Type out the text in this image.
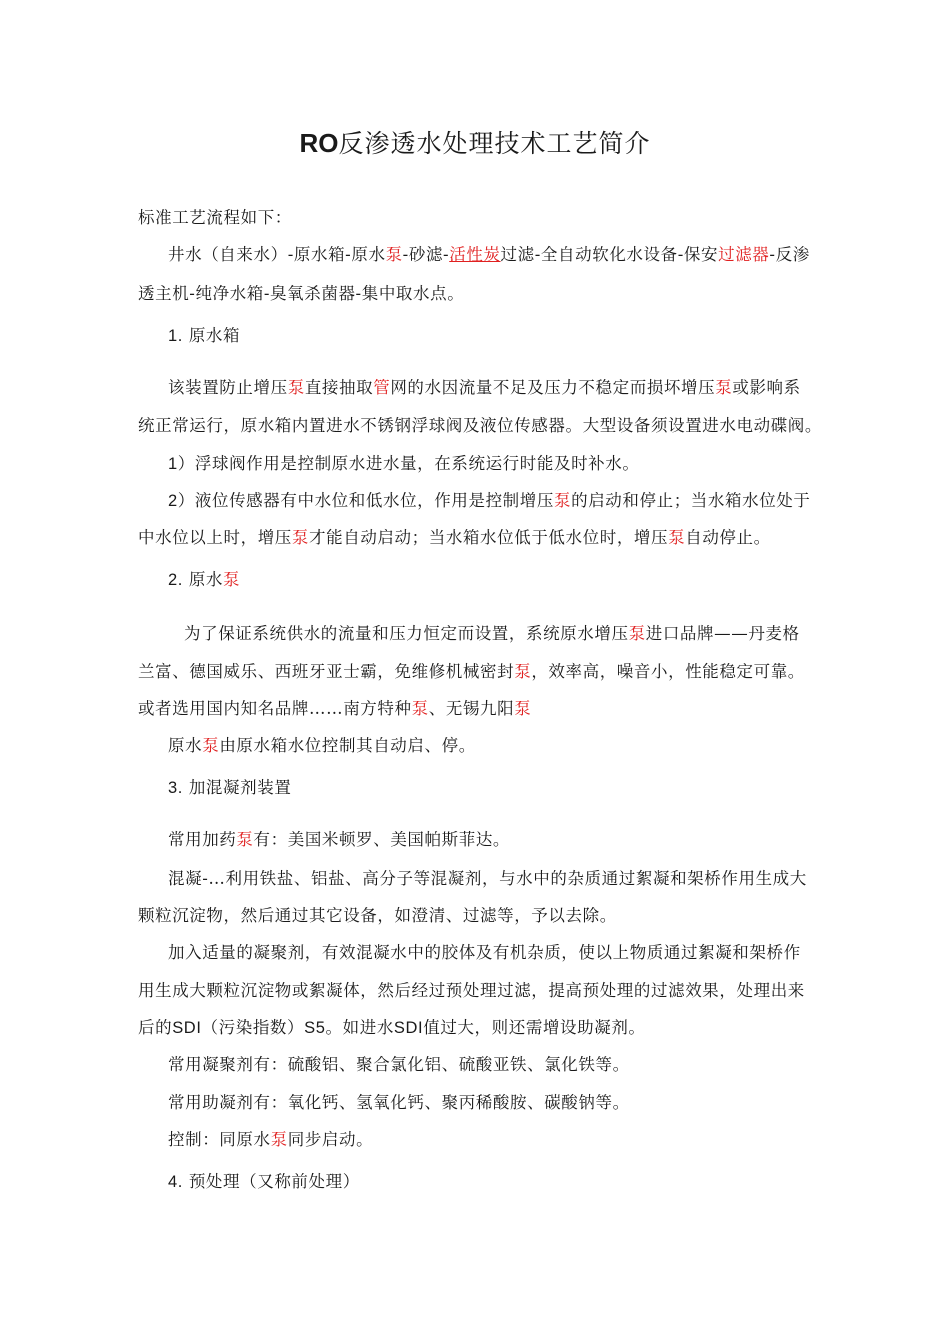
RO反渗透水处理技术工艺简介
标准工艺流程如下：
井水（自来水）-原水箱-原水泵-砂滤-活性炭过滤-全自动软化水设备-保安过滤器-反渗
透主机-纯净水箱-臭氧杀菌器-集中取水点。
1. 原水箱
该装置防止增压泵直接抽取管网的水因流量不足及压力不稳定而损坏增压泵或影响系
统正常运行，原水箱内置进水不锈钢浮球阀及液位传感器。大型设备须设置进水电动碟阀。
1）浮球阀作用是控制原水进水量，在系统运行时能及时补水。
2）液位传感器有中水位和低水位，作用是控制增压泵的启动和停止；当水箱水位处于
中水位以上时，增压泵才能自动启动；当水箱水位低于低水位时，增压泵自动停止。
2. 原水泵
为了保证系统供水的流量和压力恒定而设置，系统原水增压泵进口品牌——丹麦格
兰富、德国威乐、西班牙亚士霸，免维修机械密封泵，效率高，噪音小，性能稳定可靠。
或者选用国内知名品牌……南方特种泵、无锡九阳泵
原水泵由原水箱水位控制其自动启、停。
3. 加混凝剂装置
常用加药泵有：美国米顿罗、美国帕斯菲达。
混凝-…利用铁盐、铝盐、高分子等混凝剂，与水中的杂质通过絮凝和架桥作用生成大
颗粒沉淀物，然后通过其它设备，如澄清、过滤等，予以去除。
加入适量的凝聚剂，有效混凝水中的胶体及有机杂质，使以上物质通过絮凝和架桥作
用生成大颗粒沉淀物或絮凝体，然后经过预处理过滤，提高预处理的过滤效果，处理出来
后的SDI（污染指数）S5。如进水SDI值过大，则还需增设助凝剂。
常用凝聚剂有：硫酸铝、聚合氯化铝、硫酸亚铁、氯化铁等。
常用助凝剂有：氧化钙、氢氧化钙、聚丙稀酸胺、碳酸钠等。
控制：同原水泵同步启动。
4. 预处理（又称前处理）
